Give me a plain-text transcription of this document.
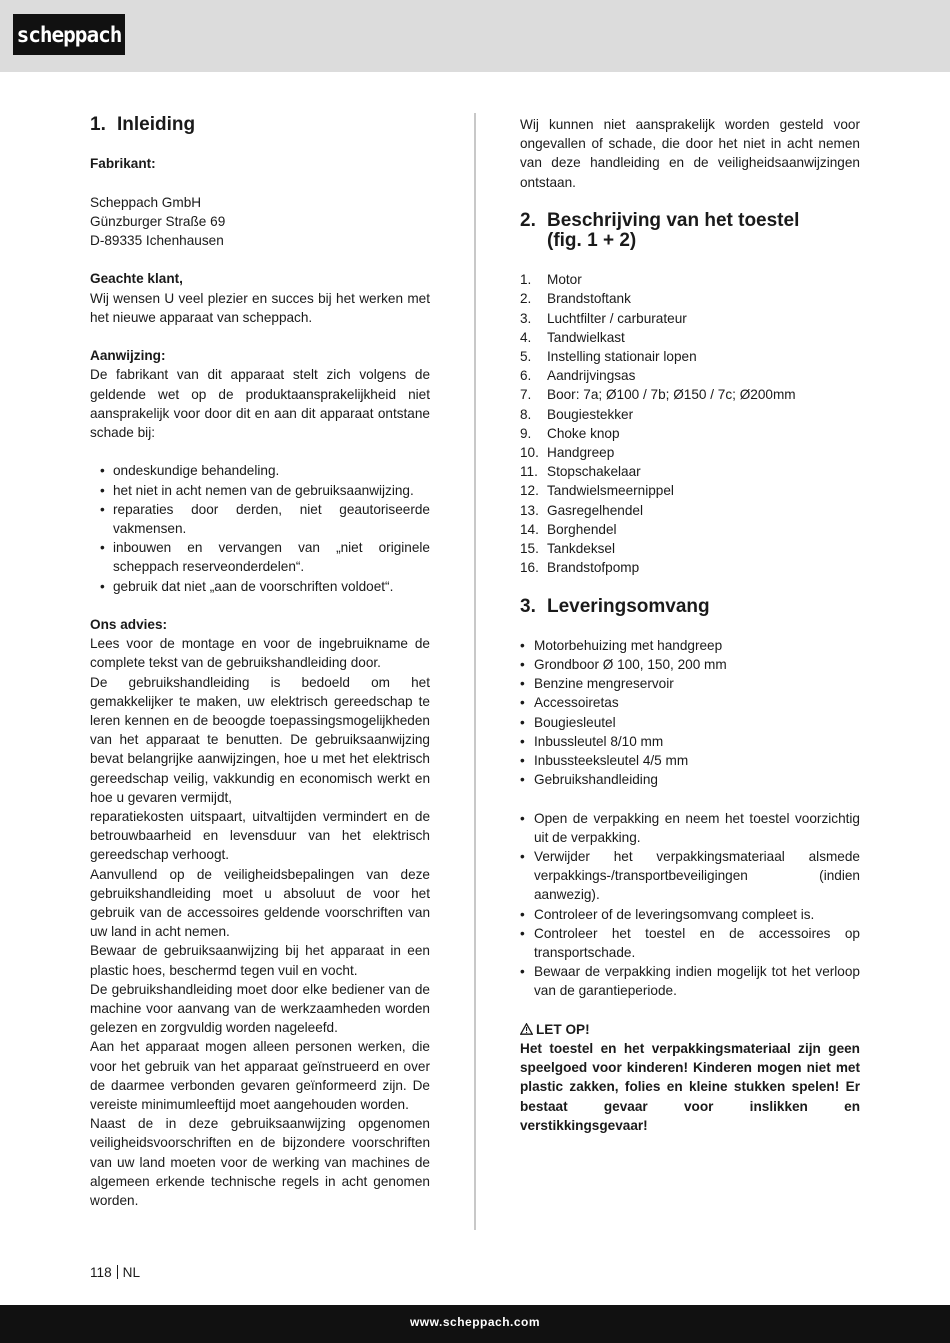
scheppach
1. Inleiding

Fabrikant:

Scheppach GmbH

Günzburger Straße 69

D-89335 Ichenhausen

Geachte klant,

Wij wensen U veel plezier en succes bij het werken met het nieuwe apparaat van scheppach.

Aanwijzing:

De fabrikant van dit apparaat stelt zich volgens de geldende wet op de produktaansprakelijkheid niet aansprakelijk voor door dit en aan dit apparaat ontstane schade bij:

• ondeskundige behandeling.
• het niet in acht nemen van de gebruiksaanwijzing.
• reparaties door derden, niet geautoriseerde vakmensen.
• inbouwen en vervangen van „niet originele scheppach reserveonderdelen“.
• gebruik dat niet „aan de voorschriften voldoet“.

Ons advies:

Lees voor de montage en voor de ingebruikname de complete tekst van de gebruikshandleiding door.

De gebruikshandleiding is bedoeld om het gemakkelijker te maken, uw elektrisch gereedschap te leren kennen en de beoogde toepassingsmogelijkheden van het apparaat te benutten. De gebruiksaanwijzing bevat belangrijke aanwijzingen, hoe u met het elektrisch gereedschap veilig, vakkundig en economisch werkt en hoe u gevaren vermijdt,

reparatiekosten uitspaart, uitvaltijden vermindert en de betrouwbaarheid en levensduur van het elektrisch gereedschap verhoogt.

Aanvullend op de veiligheidsbepalingen van deze gebruikshandleiding moet u absoluut de voor het gebruik van de accessoires geldende voorschriften van uw land in acht nemen.

Bewaar de gebruiksaanwijzing bij het apparaat in een plastic hoes, beschermd tegen vuil en vocht.

De gebruikshandleiding moet door elke bediener van de machine voor aanvang van de werkzaamheden worden gelezen en zorgvuldig worden nageleefd.

Aan het apparaat mogen alleen personen werken, die voor het gebruik van het apparaat geïnstrueerd en over de daarmee verbonden gevaren geïnformeerd zijn. De vereiste minimumleeftijd moet aangehouden worden.

Naast de in deze gebruiksaanwijzing opgenomen veiligheidsvoorschriften en de bijzondere voorschriften van uw land moeten voor de werking van machines de algemeen erkende technische regels in acht genomen worden.

Wij kunnen niet aansprakelijk worden gesteld voor ongevallen of schade, die door het niet in acht nemen van deze handleiding en de veiligheidsaanwijzingen ontstaan.

2. Beschrijving van het toestel
(fig. 1 + 2)
1.	Motor
2.	Brandstoftank
3.	Luchtfilter / carburateur
4.	Tandwielkast
5.	Instelling stationair lopen
6.	Aandrijvingsas
7.	Boor: 7a; Ø100 / 7b; Ø150 / 7c; Ø200mm
8.	Bougiestekker
9.	Choke knop
10. Handgreep
11. Stopschakelaar
12. Tandwielsmeernippel
13. Gasregelhendel
14. Borghendel
15. Tankdeksel
16. Brandstofpomp
3. Leveringsomvang
• Motorbehuizing met handgreep
• Grondboor Ø 100, 150, 200 mm
• Benzine mengreservoir
• Accessoiretas
• Bougiesleutel
• Inbussleutel 8/10 mm
• Inbussteeksleutel 4/5 mm
• Gebruikshandleiding
• Open de verpakking en neem het toestel voorzichtig uit de verpakking.
• Verwijder het verpakkingsmateriaal alsmede verpakkings-/transportbeveiligingen (indien aanwezig).
• Controleer of de leveringsomvang compleet is.
• Controleer het toestel en de accessoires op transportschade.
• Bewaar de verpakking indien mogelijk tot het verloop van de garantieperiode.

LET OP!

Het toestel en het verpakkingsmateriaal zijn geen speelgoed voor kinderen! Kinderen mogen niet met plastic zakken, folies en kleine stukken spelen! Er bestaat gevaar voor inslikken en verstikkingsgevaar!

118 NL
www.scheppach.com
